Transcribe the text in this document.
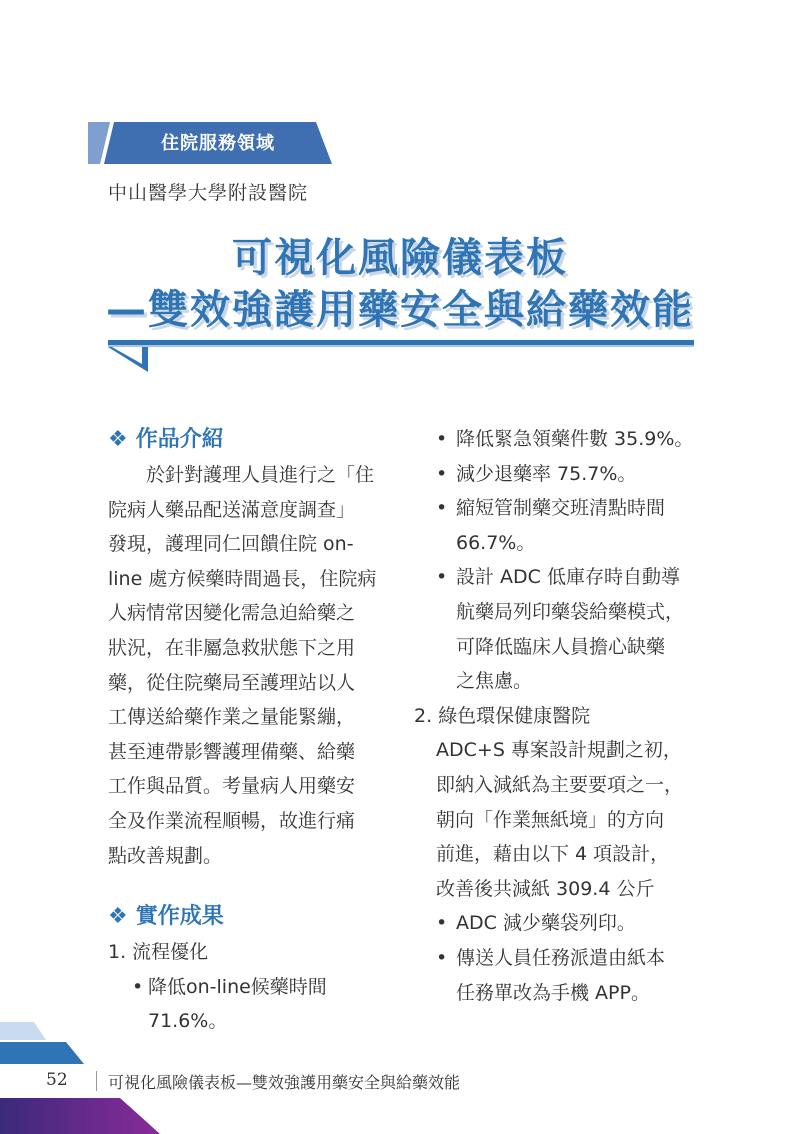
住院服務領域
中山醫學大學附設醫院
可視化風險儀表板
—雙效強護用藥安全與給藥效能
❖ 作品介紹
於針對護理人員進行之「住
院病人藥品配送滿意度調查」
發現，護理同仁回饋住院 on-
line 處方候藥時間過長，住院病
人病情常因變化需急迫給藥之
狀況，在非屬急救狀態下之用
藥，從住院藥局至護理站以人
工傳送給藥作業之量能緊繃，
甚至連帶影響護理備藥、給藥
工作與品質。考量病人用藥安
全及作業流程順暢，故進行痛
點改善規劃。
❖ 實作成果
1. 流程優化
• 降低on-line候藥時間 71.6%。
• 降低緊急領藥件數 35.9%。
• 減少退藥率 75.7%。
• 縮短管制藥交班清點時間
66.7%。
• 設計 ADC 低庫存時自動導
航藥局列印藥袋給藥模式，
可降低臨床人員擔心缺藥
之焦慮。
2. 綠色環保健康醫院
ADC+S 專案設計規劃之初，
即納入減紙為主要要項之一，
朝向「作業無紙境」的方向
前進，藉由以下 4 項設計，
改善後共減紙 309.4 公斤
• ADC 減少藥袋列印。
• 傳送人員任務派遣由紙本
任務單改為手機 APP。
52	可視化風險儀表板—雙效強護用藥安全與給藥效能
